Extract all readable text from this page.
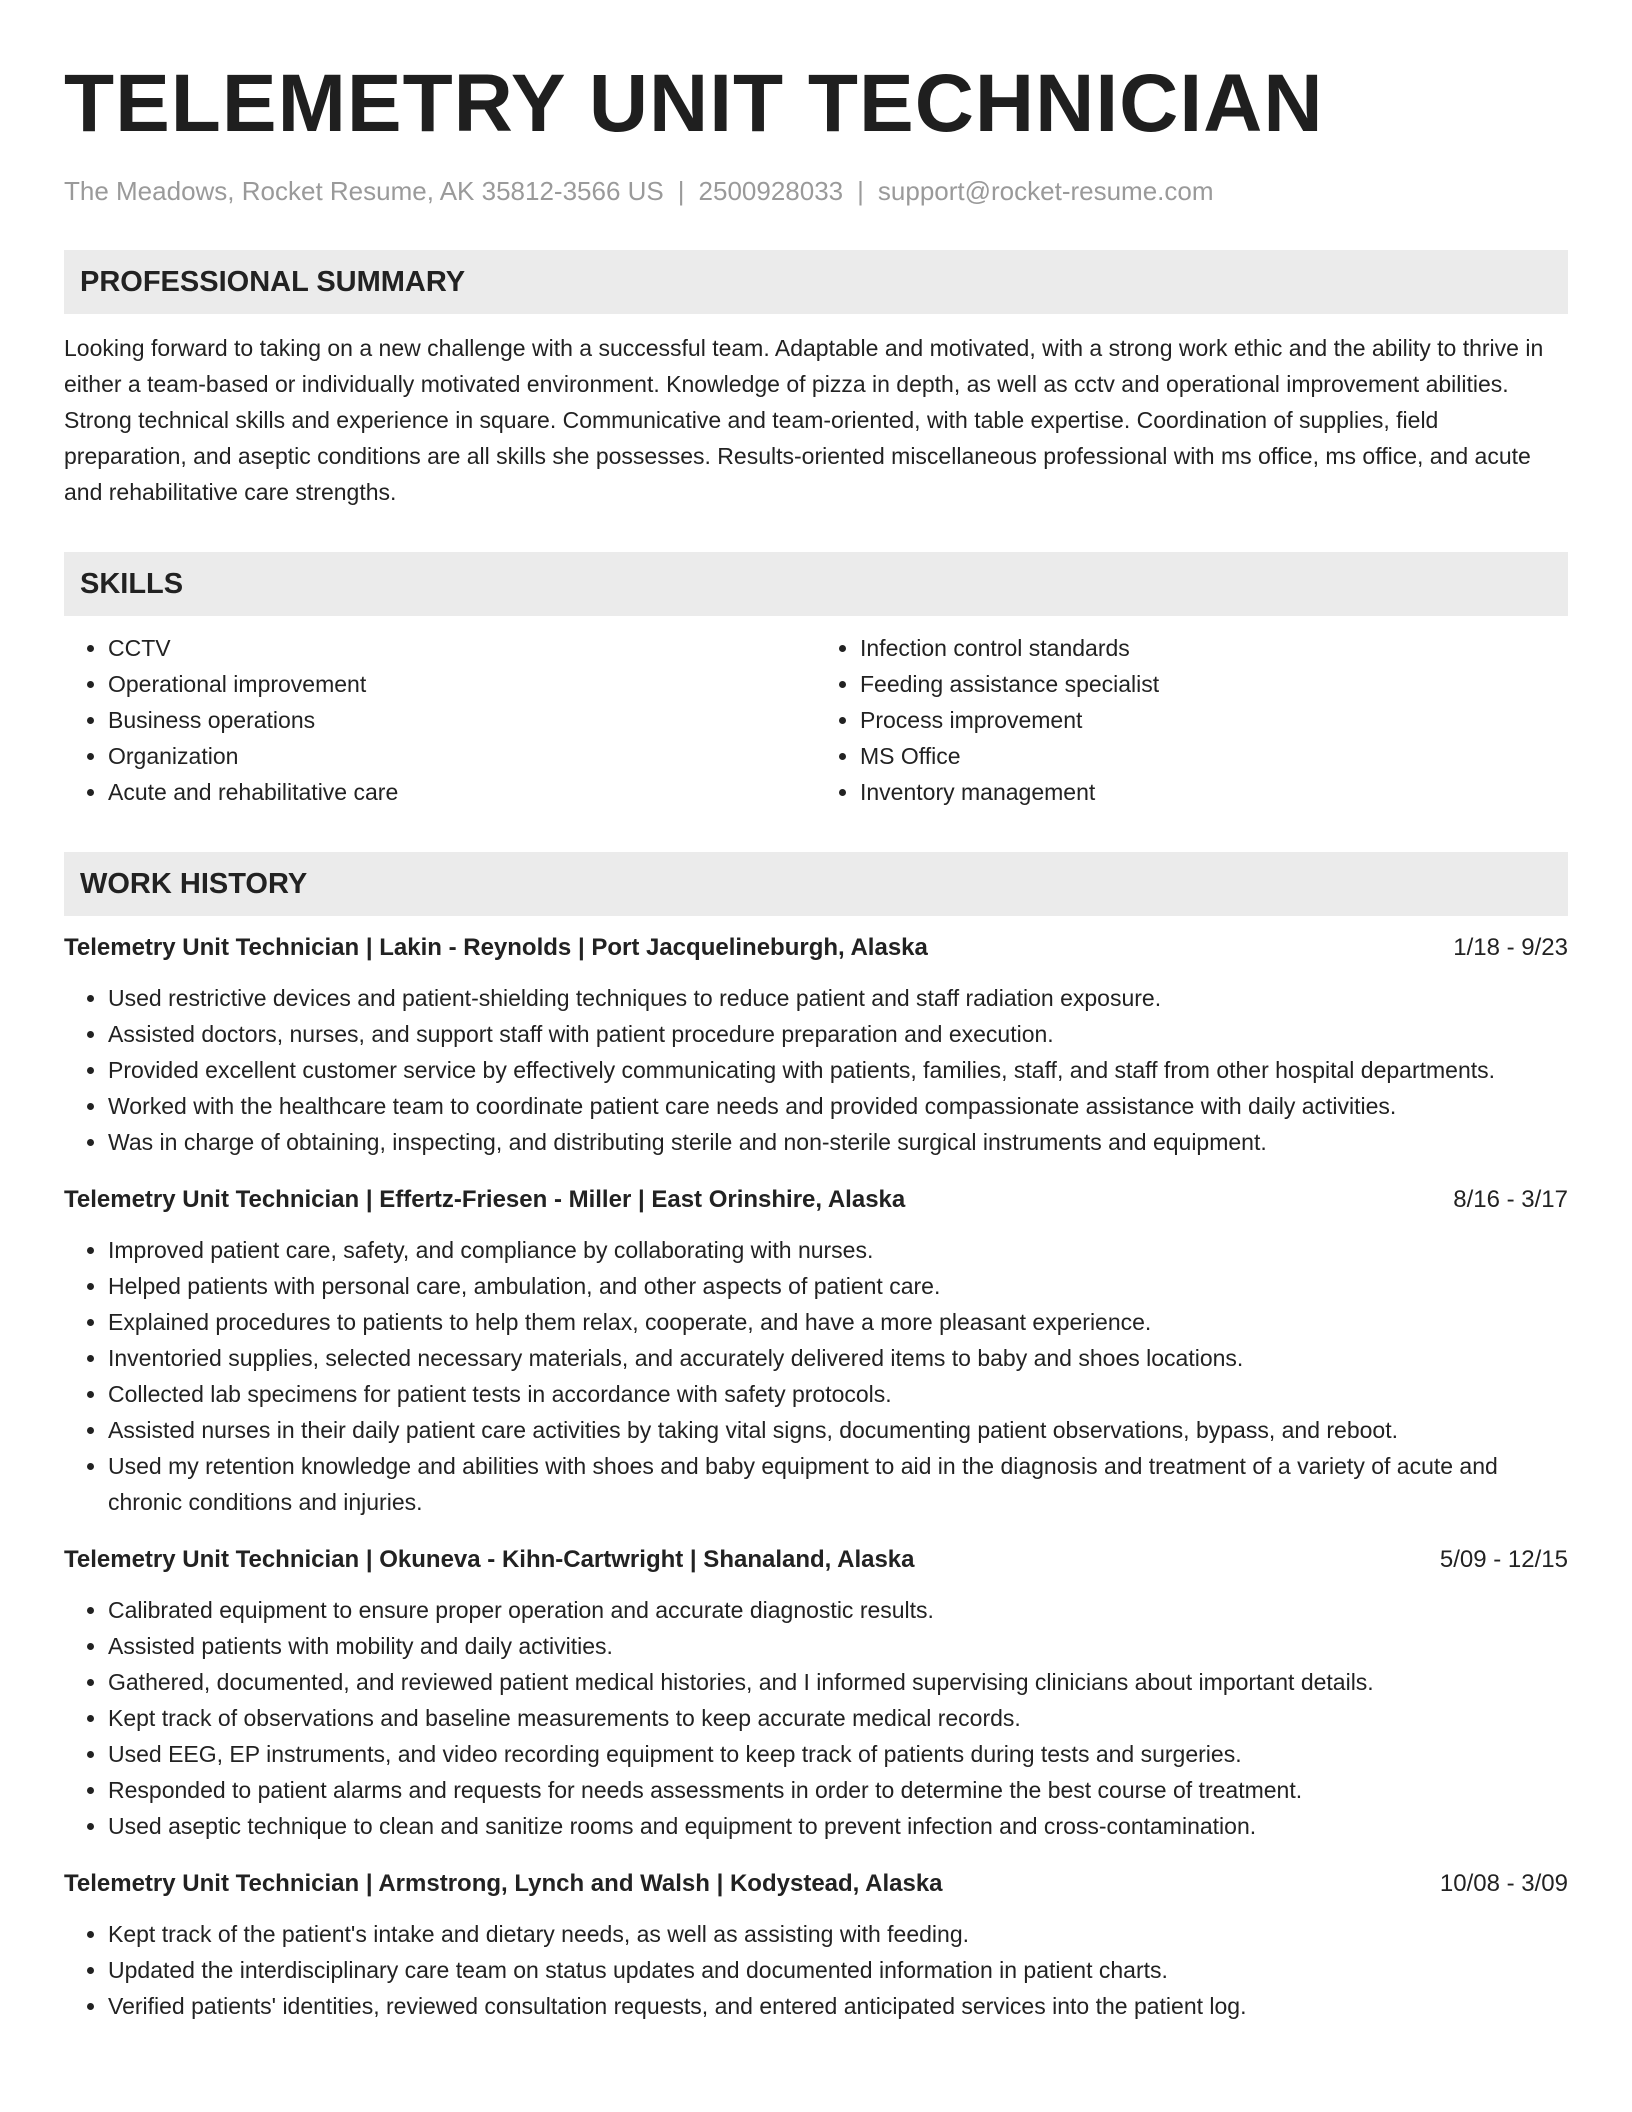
TELEMETRY UNIT TECHNICIAN
The Meadows, Rocket Resume, AK 35812-3566 US | 2500928033 | support@rocket-resume.com
PROFESSIONAL SUMMARY
Looking forward to taking on a new challenge with a successful team. Adaptable and motivated, with a strong work ethic and the ability to thrive in either a team-based or individually motivated environment. Knowledge of pizza in depth, as well as cctv and operational improvement abilities. Strong technical skills and experience in square. Communicative and team-oriented, with table expertise. Coordination of supplies, field preparation, and aseptic conditions are all skills she possesses. Results-oriented miscellaneous professional with ms office, ms office, and acute and rehabilitative care strengths.
SKILLS
• CCTV
• Operational improvement
• Business operations
• Organization
• Acute and rehabilitative care
• Infection control standards
• Feeding assistance specialist
• Process improvement
• MS Office
• Inventory management
WORK HISTORY
Telemetry Unit Technician | Lakin - Reynolds | Port Jacquelineburgh, Alaska	1/18 - 9/23
• Used restrictive devices and patient-shielding techniques to reduce patient and staff radiation exposure.
• Assisted doctors, nurses, and support staff with patient procedure preparation and execution.
• Provided excellent customer service by effectively communicating with patients, families, staff, and staff from other hospital departments.
• Worked with the healthcare team to coordinate patient care needs and provided compassionate assistance with daily activities.
• Was in charge of obtaining, inspecting, and distributing sterile and non-sterile surgical instruments and equipment.
Telemetry Unit Technician | Effertz-Friesen - Miller | East Orinshire, Alaska	8/16 - 3/17
• Improved patient care, safety, and compliance by collaborating with nurses.
• Helped patients with personal care, ambulation, and other aspects of patient care.
• Explained procedures to patients to help them relax, cooperate, and have a more pleasant experience.
• Inventoried supplies, selected necessary materials, and accurately delivered items to baby and shoes locations.
• Collected lab specimens for patient tests in accordance with safety protocols.
• Assisted nurses in their daily patient care activities by taking vital signs, documenting patient observations, bypass, and reboot.
• Used my retention knowledge and abilities with shoes and baby equipment to aid in the diagnosis and treatment of a variety of acute and chronic conditions and injuries.
Telemetry Unit Technician | Okuneva - Kihn-Cartwright | Shanaland, Alaska	5/09 - 12/15
• Calibrated equipment to ensure proper operation and accurate diagnostic results.
• Assisted patients with mobility and daily activities.
• Gathered, documented, and reviewed patient medical histories, and I informed supervising clinicians about important details.
• Kept track of observations and baseline measurements to keep accurate medical records.
• Used EEG, EP instruments, and video recording equipment to keep track of patients during tests and surgeries.
• Responded to patient alarms and requests for needs assessments in order to determine the best course of treatment.
• Used aseptic technique to clean and sanitize rooms and equipment to prevent infection and cross-contamination.
Telemetry Unit Technician | Armstrong, Lynch and Walsh | Kodystead, Alaska	10/08 - 3/09
• Kept track of the patient's intake and dietary needs, as well as assisting with feeding.
• Updated the interdisciplinary care team on status updates and documented information in patient charts.
• Verified patients' identities, reviewed consultation requests, and entered anticipated services into the patient log.
